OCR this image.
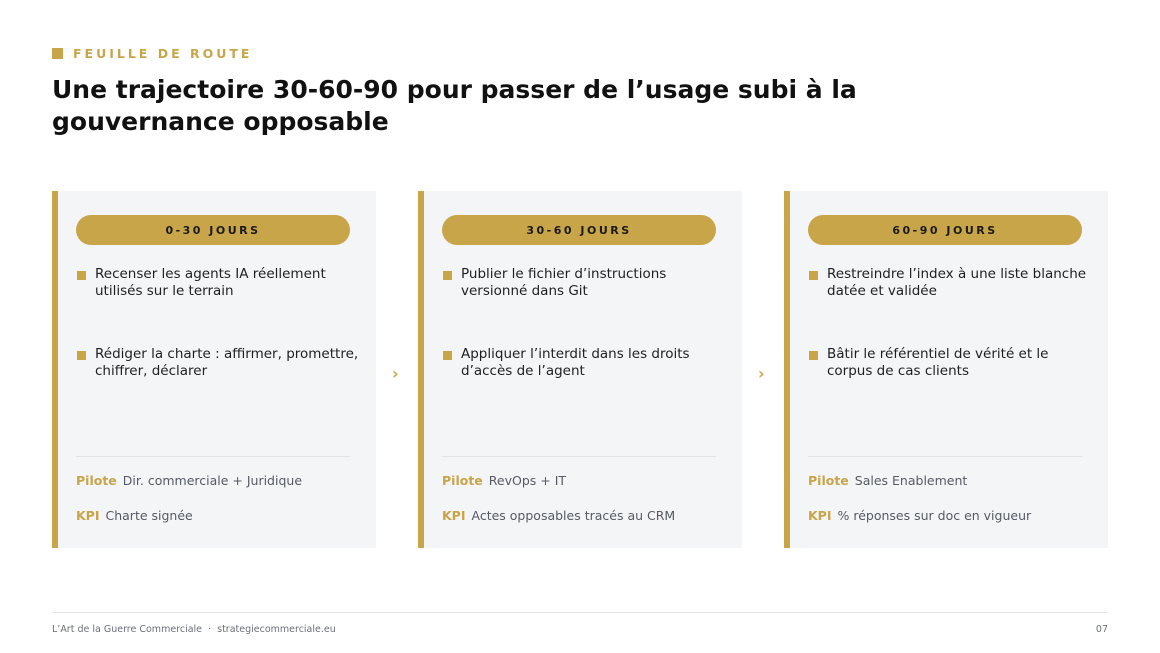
FEUILLE DE ROUTE
Une trajectoire 30-60-90 pour passer de l’usage subi à la gouvernance opposable
0-30 JOURS
Recenser les agents IA réellement utilisés sur le terrain
Rédiger la charte : affirmer, promettre, chiffrer, déclarer
Pilote Dir. commerciale + Juridique
KPI Charte signée
30-60 JOURS
Publier le fichier d’instructions versionné dans Git
Appliquer l’interdit dans les droits d’accès de l’agent
Pilote RevOps + IT
KPI Actes opposables tracés au CRM
60-90 JOURS
Restreindre l’index à une liste blanche datée et validée
Bâtir le référentiel de vérité et le corpus de cas clients
Pilote Sales Enablement
KPI % réponses sur doc en vigueur
›	›
L’Art de la Guerre Commerciale  ·  strategiecommerciale.eu	07
